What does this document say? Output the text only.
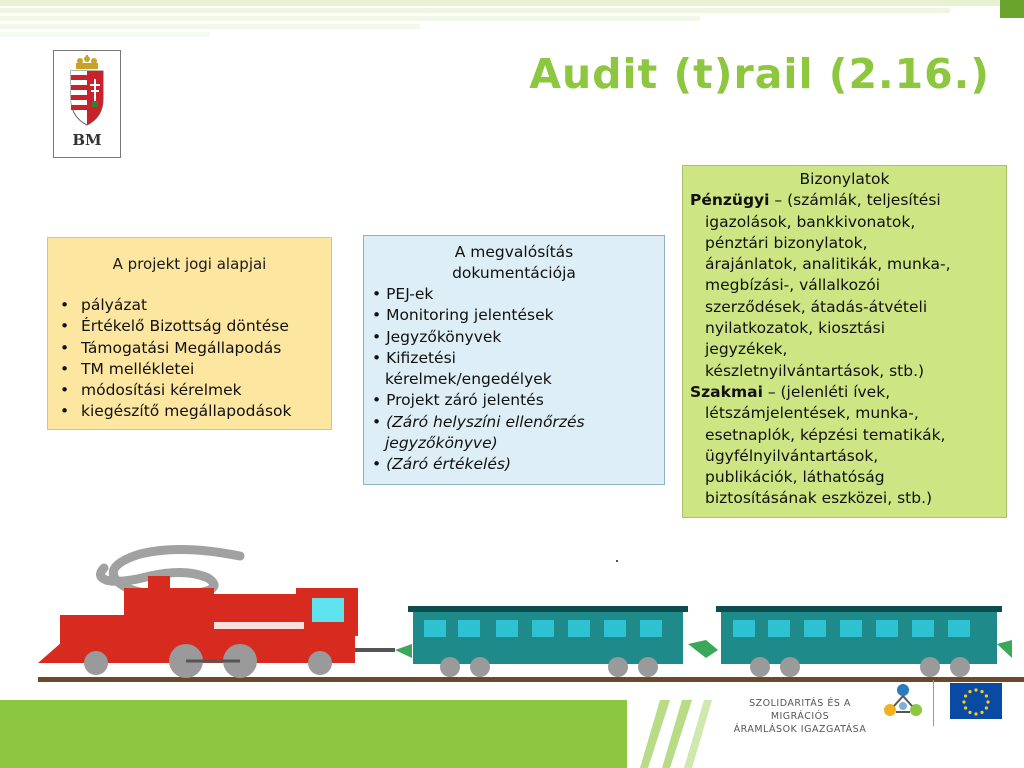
Audit (t)rail (2.16.)
BM
A projekt jogi alapjai
• pályázat
• Értékelő Bizottság döntése
• Támogatási Megállapodás
• TM mellékletei
• módosítási kérelmek
• kiegészítő megállapodások
A megvalósítás
dokumentációja
• PEJ-ek
• Monitoring jelentések
• Jegyzőkönyvek
• Kifizetési
kérelmek/engedélyek
• Projekt záró jelentés
• (Záró helyszíni ellenőrzés
jegyzőkönyve)
• (Záró értékelés)
Bizonylatok
Pénzügyi – (számlák, teljesítési
igazolások, bankkivonatok,
pénztári bizonylatok,
árajánlatok, analitikák, munka-,
megbízási-, vállalkozói
szerződések, átadás-átvételi
nyilatkozatok, kiosztási
jegyzékek,
készletnyilvántartások, stb.)
Szakmai – (jelenléti ívek,
létszámjelentések, munka-,
esetnaplók, képzési tematikák,
ügyfélnyilvántartások,
publikációk, láthatóság
biztosításának eszközei, stb.)
SZOLIDARITÁS ÉS A MIGRÁCIÓS
ÁRAMLÁSOK IGAZGATÁSA
